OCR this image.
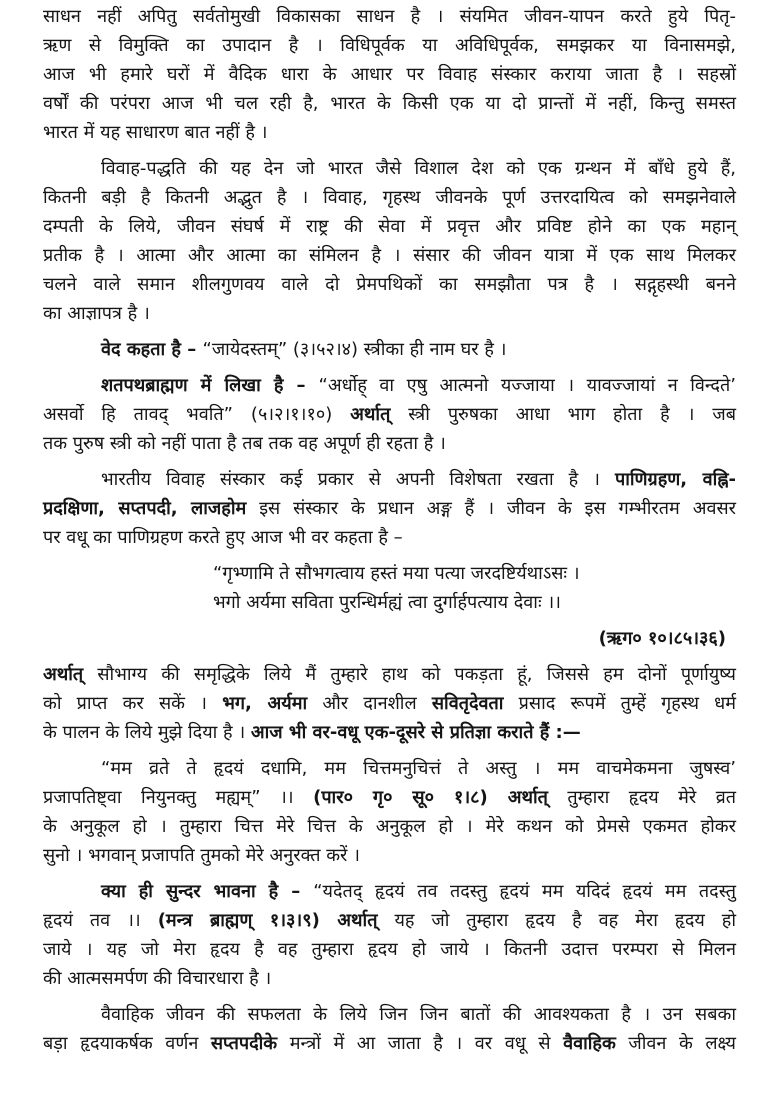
साधन नहीं अपितु सर्वतोमुखी विकासका साधन है । संयमित जीवन-यापन करते हुये पितृ-
ऋण से विमुक्ति का उपादान है । विधिपूर्वक या अविधिपूर्वक, समझकर या विनासमझे,
आज भी हमारे घरों में वैदिक धारा के आधार पर विवाह संस्कार कराया जाता है । सहस्रों
वर्षों की परंपरा आज भी चल रही है, भारत के किसी एक या दो प्रान्तों में नहीं, किन्तु समस्त
भारत में यह साधारण बात नहीं है ।
विवाह-पद्धति की यह देन जो भारत जैसे विशाल देश को एक ग्रन्थन में बाँधे हुये हैं,
कितनी बड़ी है कितनी अद्भुत है । विवाह, गृहस्थ जीवनके पूर्ण उत्तरदायित्व को समझनेवाले
दम्पती के लिये, जीवन संघर्ष में राष्ट्र की सेवा में प्रवृत्त और प्रविष्ट होने का एक महान्
प्रतीक है । आत्मा और आत्मा का संमिलन है । संसार की जीवन यात्रा में एक साथ मिलकर
चलने वाले समान शीलगुणवय वाले दो प्रेमपथिकों का समझौता पत्र है । सद्गृहस्थी बनने
का आज्ञापत्र है ।
वेद कहता है – “जायेदस्तम्” (३।५२।४) स्त्रीका ही नाम घर है ।
शतपथब्राह्मण में लिखा है – “अर्धोह् वा एषु आत्मनो यज्जाया । यावज्जायां न विन्दते’
असर्वो हि तावद् भवति” (५।२।१।१०) अर्थात् स्त्री पुरुषका आधा भाग होता है । जब
तक पुरुष स्त्री को नहीं पाता है तब तक वह अपूर्ण ही रहता है ।
भारतीय विवाह संस्कार कई प्रकार से अपनी विशेषता रखता है । पाणिग्रहण, वह्नि-
प्रदक्षिणा, सप्तपदी, लाजहोम इस संस्कार के प्रधान अङ्ग हैं । जीवन के इस गम्भीरतम अवसर
पर वधू का पाणिग्रहण करते हुए आज भी वर कहता है –
“गृभ्णामि ते सौभगत्वाय हस्तं मया पत्या जरदष्टिर्यथाऽसः ।
भगो अर्यमा सविता पुरन्धिर्मह्यं त्वा दुर्गार्हपत्याय देवाः ।।
(ऋग० १०।८५।३६)
अर्थात् सौभाग्य की समृद्धिके लिये मैं तुम्हारे हाथ को पकड़ता हूं, जिससे हम दोनों पूर्णायुष्य
को प्राप्त कर सकें । भग, अर्यमा और दानशील सवितृदेवता प्रसाद रूपमें तुम्हें गृहस्थ धर्म
के पालन के लिये मुझे दिया है । आज भी वर-वधू एक-दूसरे से प्रतिज्ञा कराते हैं :—
“मम व्रते ते हृदयं दधामि, मम चित्तमनुचित्तं ते अस्तु । मम वाचमेकमना जुषस्व’
प्रजापतिष्ट्वा नियुनक्तु मह्यम्” ।। (पार० गृ० सू० १।८) अर्थात् तुम्हारा हृदय मेरे व्रत
के अनुकूल हो । तुम्हारा चित्त मेरे चित्त के अनुकूल हो । मेरे कथन को प्रेमसे एकमत होकर
सुनो । भगवान् प्रजापति तुमको मेरे अनुरक्त करें ।
क्या ही सुन्दर भावना है – “यदेतद् हृदयं तव तदस्तु हृदयं मम यदिदं हृदयं मम तदस्तु
हृदयं तव ।। (मन्त्र ब्राह्मण् १।३।९) अर्थात् यह जो तुम्हारा हृदय है वह मेरा हृदय हो
जाये । यह जो मेरा हृदय है वह तुम्हारा हृदय हो जाये । कितनी उदात्त परम्परा से मिलन
की आत्मसमर्पण की विचारधारा है ।
वैवाहिक जीवन की सफलता के लिये जिन जिन बातों की आवश्यकता है । उन सबका
बड़ा हृदयाकर्षक वर्णन सप्तपदीके मन्त्रों में आ जाता है । वर वधू से वैवाहिक जीवन के लक्ष्य
